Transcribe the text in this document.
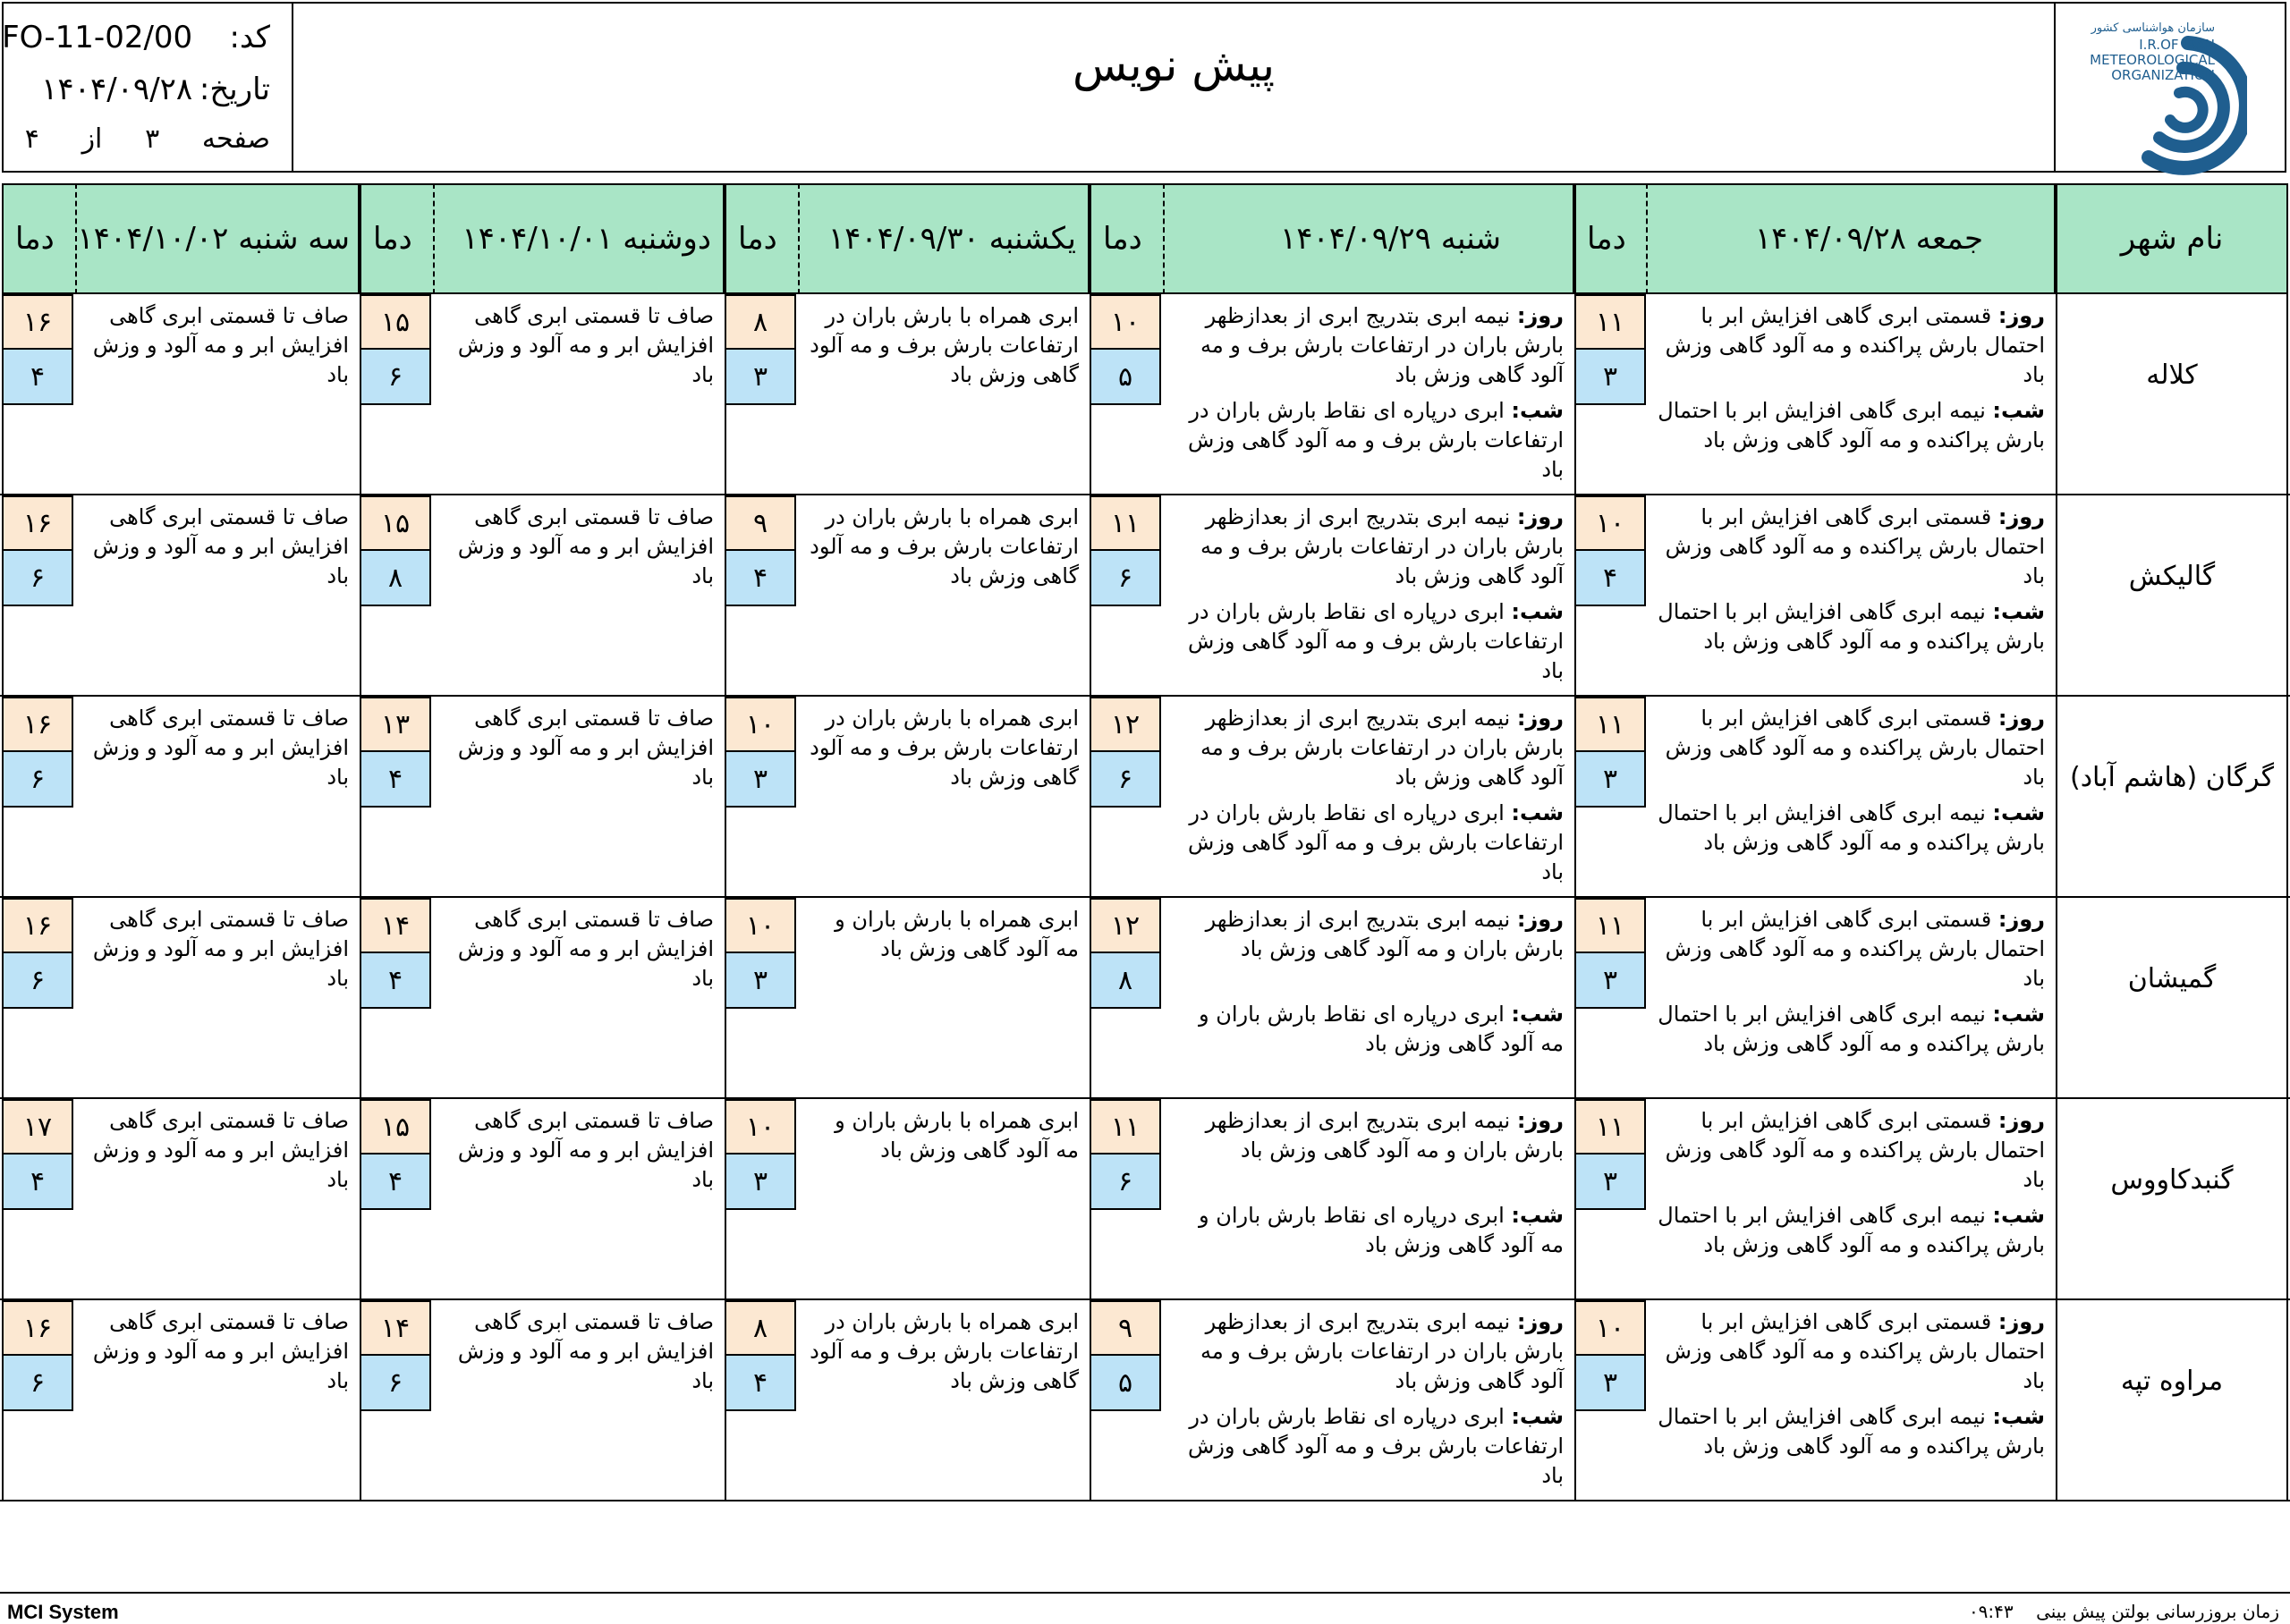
کد: FO-11-02/00
تاریخ: ۱۴۰۴/۰۹/۲۸
صفحه     ۳     از     ۴
پیش نویس
سازمان هواشناسی کشور
I.R.OF IRAN
METEOROLOGICAL
ORGANIZATION
نام شهر
جمعه ۱۴۰۴/۰۹/۲۸
دما
شنبه ۱۴۰۴/۰۹/۲۹
دما
یکشنبه ۱۴۰۴/۰۹/۳۰
دما
دوشنبه ۱۴۰۴/۱۰/۰۱
دما
سه شنبه ۱۴۰۴/۱۰/۰۲
دما
کلاله
روز: قسمتی ابری گاهی افزایش ابر با احتمال بارش پراکنده و مه آلود گاهی وزش باد
شب: نیمه ابری گاهی افزایش ابر با احتمال بارش پراکنده و مه آلود گاهی وزش باد
۱۱
۳
روز: نیمه ابری بتدریج ابری از بعدازظهر بارش باران در ارتفاعات بارش برف و مه آلود گاهی وزش باد
شب: ابری درپاره ای نقاط بارش باران در ارتفاعات بارش برف و مه آلود گاهی وزش باد
۱۰
۵
ابری همراه با بارش باران در ارتفاعات بارش برف و مه آلود گاهی وزش باد
۸
۳
صاف تا قسمتی ابری گاهی افزایش ابر و مه آلود و وزش باد
۱۵
۶
صاف تا قسمتی ابری گاهی افزایش ابر و مه آلود و وزش باد
۱۶
۴
گالیکش
روز: قسمتی ابری گاهی افزایش ابر با احتمال بارش پراکنده و مه آلود گاهی وزش باد
شب: نیمه ابری گاهی افزایش ابر با احتمال بارش پراکنده و مه آلود گاهی وزش باد
۱۰
۴
روز: نیمه ابری بتدریج ابری از بعدازظهر بارش باران در ارتفاعات بارش برف و مه آلود گاهی وزش باد
شب: ابری درپاره ای نقاط بارش باران در ارتفاعات بارش برف و مه آلود گاهی وزش باد
۱۱
۶
ابری همراه با بارش باران در ارتفاعات بارش برف و مه آلود گاهی وزش باد
۹
۴
صاف تا قسمتی ابری گاهی افزایش ابر و مه آلود و وزش باد
۱۵
۸
صاف تا قسمتی ابری گاهی افزایش ابر و مه آلود و وزش باد
۱۶
۶
گرگان (هاشم آباد)
روز: قسمتی ابری گاهی افزایش ابر با احتمال بارش پراکنده و مه آلود گاهی وزش باد
شب: نیمه ابری گاهی افزایش ابر با احتمال بارش پراکنده و مه آلود گاهی وزش باد
۱۱
۳
روز: نیمه ابری بتدریج ابری از بعدازظهر بارش باران در ارتفاعات بارش برف و مه آلود گاهی وزش باد
شب: ابری درپاره ای نقاط بارش باران در ارتفاعات بارش برف و مه آلود گاهی وزش باد
۱۲
۶
ابری همراه با بارش باران در ارتفاعات بارش برف و مه آلود گاهی وزش باد
۱۰
۳
صاف تا قسمتی ابری گاهی افزایش ابر و مه آلود و وزش باد
۱۳
۴
صاف تا قسمتی ابری گاهی افزایش ابر و مه آلود و وزش باد
۱۶
۶
گمیشان
روز: قسمتی ابری گاهی افزایش ابر با احتمال بارش پراکنده و مه آلود گاهی وزش باد
شب: نیمه ابری گاهی افزایش ابر با احتمال بارش پراکنده و مه آلود گاهی وزش باد
۱۱
۳
روز: نیمه ابری بتدریج ابری از بعدازظهر بارش باران و مه آلود گاهی وزش باد
شب: ابری درپاره ای نقاط بارش باران و مه آلود گاهی وزش باد
۱۲
۸
ابری همراه با بارش باران و مه آلود گاهی وزش باد
۱۰
۳
صاف تا قسمتی ابری گاهی افزایش ابر و مه آلود و وزش باد
۱۴
۴
صاف تا قسمتی ابری گاهی افزایش ابر و مه آلود و وزش باد
۱۶
۶
گنبدکاووس
روز: قسمتی ابری گاهی افزایش ابر با احتمال بارش پراکنده و مه آلود گاهی وزش باد
شب: نیمه ابری گاهی افزایش ابر با احتمال بارش پراکنده و مه آلود گاهی وزش باد
۱۱
۳
روز: نیمه ابری بتدریج ابری از بعدازظهر بارش باران و مه آلود گاهی وزش باد
شب: ابری درپاره ای نقاط بارش باران و مه آلود گاهی وزش باد
۱۱
۶
ابری همراه با بارش باران و مه آلود گاهی وزش باد
۱۰
۳
صاف تا قسمتی ابری گاهی افزایش ابر و مه آلود و وزش باد
۱۵
۴
صاف تا قسمتی ابری گاهی افزایش ابر و مه آلود و وزش باد
۱۷
۴
مراوه تپه
روز: قسمتی ابری گاهی افزایش ابر با احتمال بارش پراکنده و مه آلود گاهی وزش باد
شب: نیمه ابری گاهی افزایش ابر با احتمال بارش پراکنده و مه آلود گاهی وزش باد
۱۰
۳
روز: نیمه ابری بتدریج ابری از بعدازظهر بارش باران در ارتفاعات بارش برف و مه آلود گاهی وزش باد
شب: ابری درپاره ای نقاط بارش باران در ارتفاعات بارش برف و مه آلود گاهی وزش باد
۹
۵
ابری همراه با بارش باران در ارتفاعات بارش برف و مه آلود گاهی وزش باد
۸
۴
صاف تا قسمتی ابری گاهی افزایش ابر و مه آلود و وزش باد
۱۴
۶
صاف تا قسمتی ابری گاهی افزایش ابر و مه آلود و وزش باد
۱۶
۶
MCI System	زمان بروزرسانی بولتن پیش بینی    ۰۹:۴۳
